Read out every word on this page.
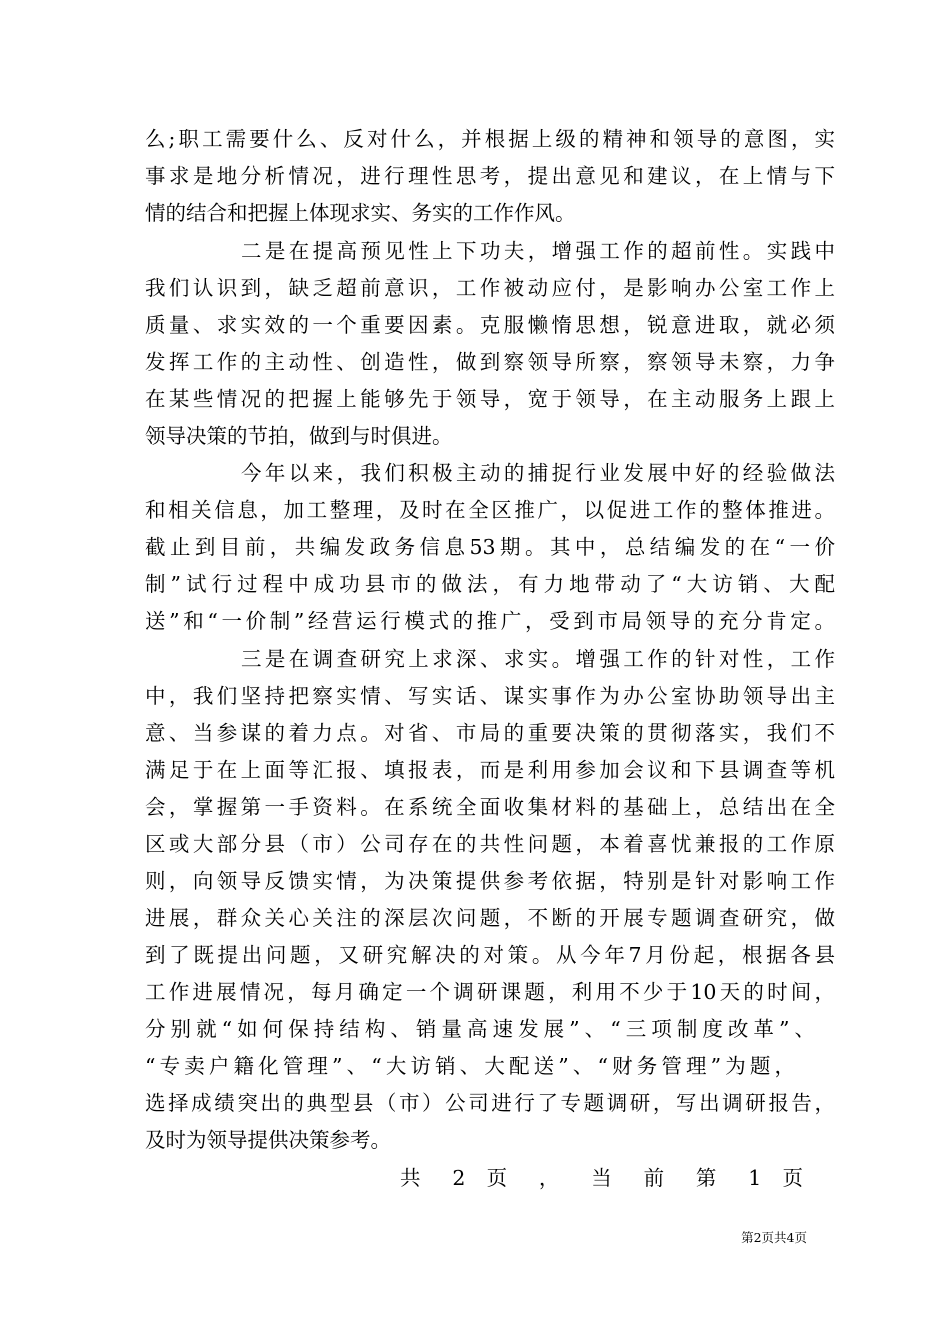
么;职工需要什么、反对什么，并根据上级的精神和领导的意图，实

事求是地分析情况，进行理性思考，提出意见和建议，在上情与下

情的结合和把握上体现求实、务实的工作作风。

二是在提高预见性上下功夫，增强工作的超前性。实践中

我们认识到，缺乏超前意识，工作被动应付，是影响办公室工作上

质量、求实效的一个重要因素。克服懒惰思想，锐意进取，就必须

发挥工作的主动性、创造性，做到察领导所察，察领导未察，力争

在某些情况的把握上能够先于领导，宽于领导，在主动服务上跟上

领导决策的节拍，做到与时俱进。

今年以来，我们积极主动的捕捉行业发展中好的经验做法

和相关信息，加工整理，及时在全区推广，以促进工作的整体推进。

截止到目前，共编发政务信息53期。其中，总结编发的在“一价

制”试行过程中成功县市的做法，有力地带动了“大访销、大配

送”和“一价制”经营运行模式的推广，受到市局领导的充分肯定。

三是在调查研究上求深、求实。增强工作的针对性，工作

中，我们坚持把察实情、写实话、谋实事作为办公室协助领导出主

意、当参谋的着力点。对省、市局的重要决策的贯彻落实，我们不

满足于在上面等汇报、填报表，而是利用参加会议和下县调查等机

会，掌握第一手资料。在系统全面收集材料的基础上，总结出在全

区或大部分县（市）公司存在的共性问题，本着喜忧兼报的工作原

则，向领导反馈实情，为决策提供参考依据，特别是针对影响工作

进展，群众关心关注的深层次问题，不断的开展专题调查研究，做

到了既提出问题，又研究解决的对策。从今年7月份起，根据各县

工作进展情况，每月确定一个调研课题，利用不少于10天的时间，

分别就“如何保持结构、销量高速发展”、“三项制度改革”、

“专卖户籍化管理”、“大访销、大配送”、“财务管理”为题，

选择成绩突出的典型县（市）公司进行了专题调研，写出调研报告，

及时为领导提供决策参考。

共 2 页 ， 当 前 第 1 页
第2页共4页
